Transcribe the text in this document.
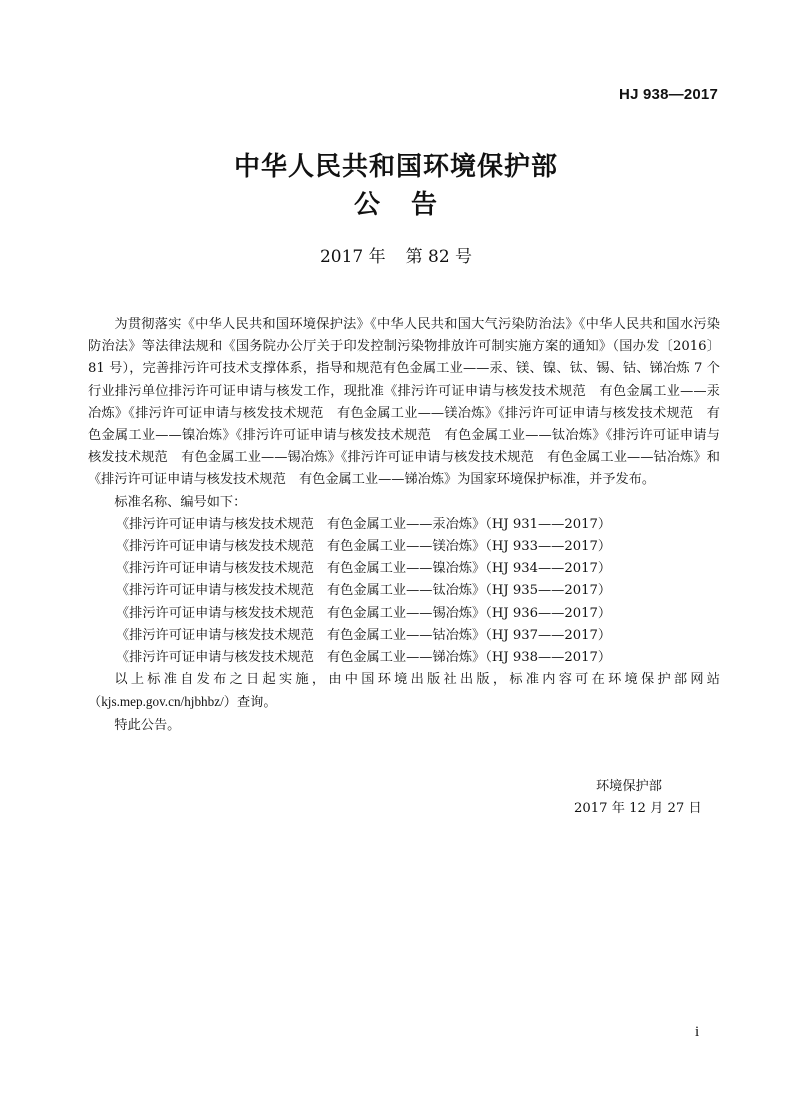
HJ 938—2017
中华人民共和国环境保护部
公 告
2017 年 第 82 号

为贯彻落实《中华人民共和国环境保护法》《中华人民共和国大气污染防治法》《中华人民共和国水污染防治法》等法律法规和《国务院办公厅关于印发控制污染物排放许可制实施方案的通知》（国办发〔2016〕81 号），完善排污许可技术支撑体系，指导和规范有色金属工业——汞、镁、镍、钛、锡、钴、锑冶炼 7 个行业排污单位排污许可证申请与核发工作，现批准《排污许可证申请与核发技术规范　有色金属工业——汞冶炼》《排污许可证申请与核发技术规范　有色金属工业——镁冶炼》《排污许可证申请与核发技术规范　有色金属工业——镍冶炼》《排污许可证申请与核发技术规范　有色金属工业——钛冶炼》《排污许可证申请与核发技术规范　有色金属工业——锡冶炼》《排污许可证申请与核发技术规范　有色金属工业——钴冶炼》和《排污许可证申请与核发技术规范　有色金属工业——锑冶炼》为国家环境保护标准，并予发布。

标准名称、编号如下：

《排污许可证申请与核发技术规范　有色金属工业——汞冶炼》（HJ 931——2017）

《排污许可证申请与核发技术规范　有色金属工业——镁冶炼》（HJ 933——2017）

《排污许可证申请与核发技术规范　有色金属工业——镍冶炼》（HJ 934——2017）

《排污许可证申请与核发技术规范　有色金属工业——钛冶炼》（HJ 935——2017）

《排污许可证申请与核发技术规范　有色金属工业——锡冶炼》（HJ 936——2017）

《排污许可证申请与核发技术规范　有色金属工业——钴冶炼》（HJ 937——2017）

《排污许可证申请与核发技术规范　有色金属工业——锑冶炼》（HJ 938——2017）

以上标准自发布之日起实施，由中国环境出版社出版，标准内容可在环境保护部网站（kjs.mep.gov.cn/hjbhbz/）查询。

特此公告。

环境保护部
2017 年 12 月 27 日
i
